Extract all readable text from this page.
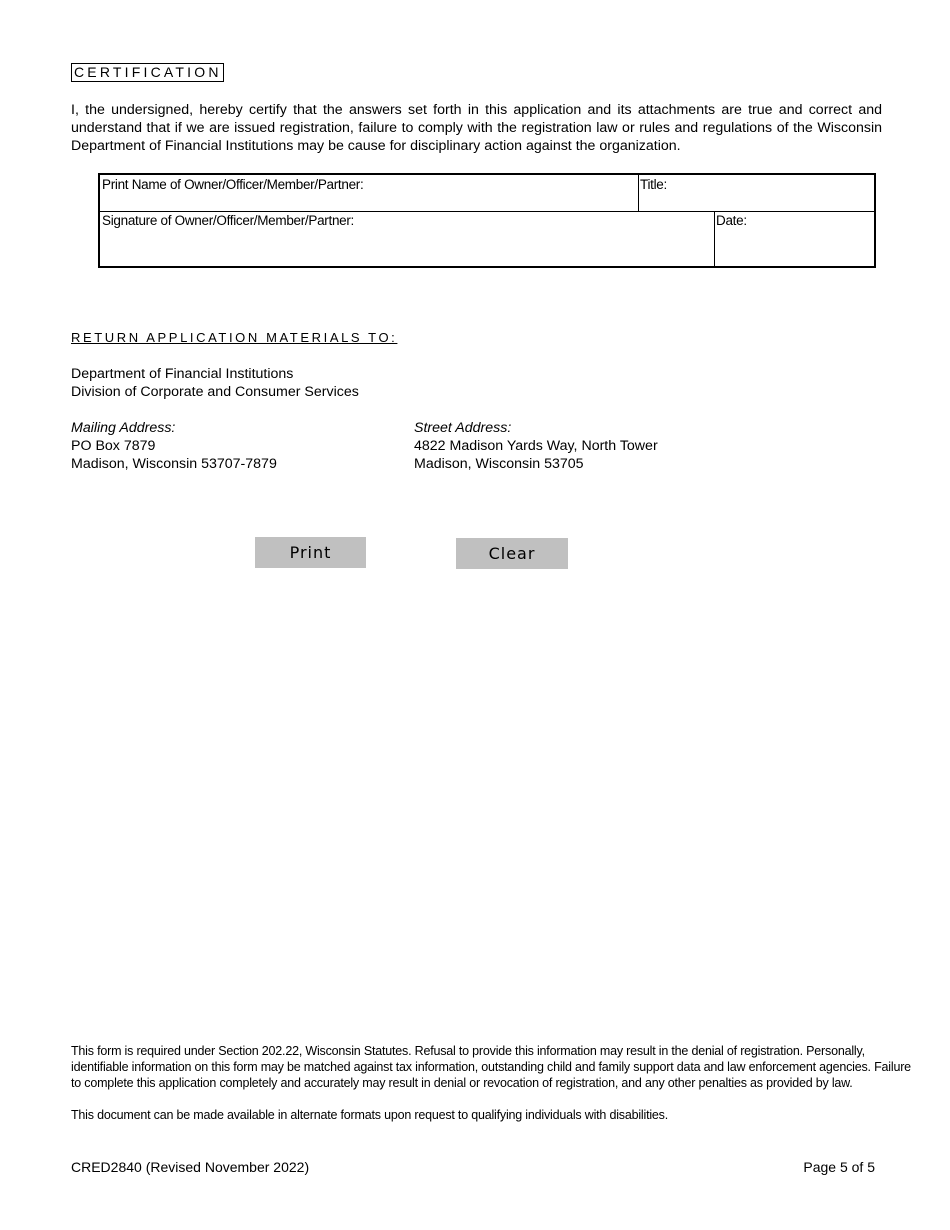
CERTIFICATION
I, the undersigned, hereby certify that the answers set forth in this application and its attachments are true and correct and understand that if we are issued registration, failure to comply with the registration law or rules and regulations of the Wisconsin Department of Financial Institutions may be cause for disciplinary action against the organization.
Print Name of Owner/Officer/Member/Partner:	Title:
Signature of Owner/Officer/Member/Partner:	Date:
RETURN APPLICATION MATERIALS TO:
Department of Financial Institutions
Division of Corporate and Consumer Services
Mailing Address:
PO Box 7879
Madison, Wisconsin 53707-7879
Street Address:
4822 Madison Yards Way, North Tower
Madison, Wisconsin 53705
Print	Clear

This form is required under Section 202.22, Wisconsin Statutes. Refusal to provide this information may result in the denial of registration. Personally, identifiable information on this form may be matched against tax information, outstanding child and family support data and law enforcement agencies. Failure to complete this application completely and accurately may result in denial or revocation of registration, and any other penalties as provided by law.

This document can be made available in alternate formats upon request to qualifying individuals with disabilities.

CRED2840 (Revised November 2022)	Page 5 of 5
